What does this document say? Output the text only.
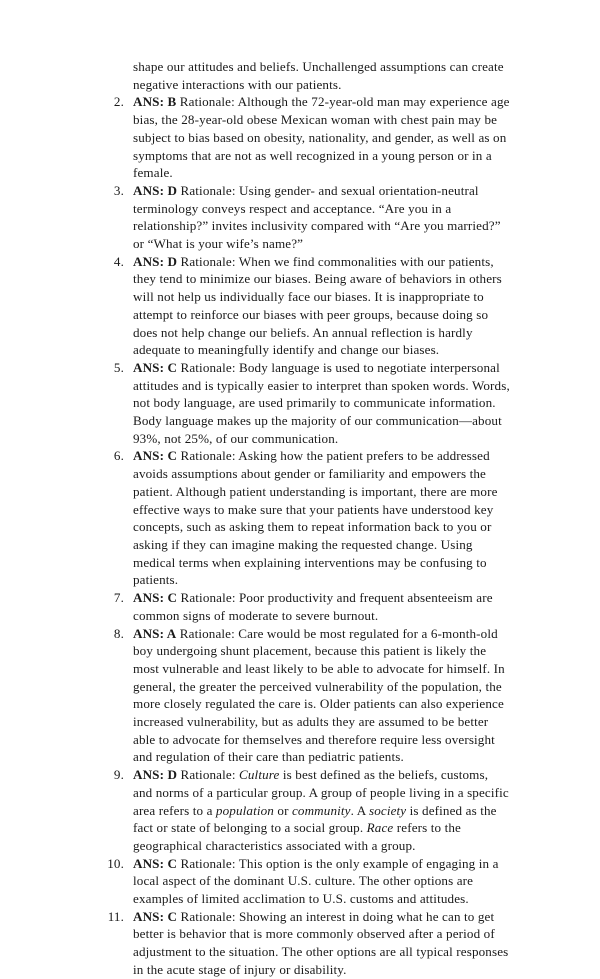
shape our attitudes and beliefs. Unchallenged assumptions can create negative interactions with our patients.

2. ANS: B Rationale: Although the 72-year-old man may experience age bias, the 28-year-old obese Mexican woman with chest pain may be subject to bias based on obesity, nationality, and gender, as well as on symptoms that are not as well recognized in a young person or in a female.
3. ANS: D Rationale: Using gender- and sexual orientation-neutral terminology conveys respect and acceptance. “Are you in a relationship?” invites inclusivity compared with “Are you married?” or “What is your wife’s name?”
4. ANS: D Rationale: When we find commonalities with our patients, they tend to minimize our biases. Being aware of behaviors in others will not help us individually face our biases. It is inappropriate to attempt to reinforce our biases with peer groups, because doing so does not help change our beliefs. An annual reflection is hardly adequate to meaningfully identify and change our biases.
5. ANS: C Rationale: Body language is used to negotiate interpersonal attitudes and is typically easier to interpret than spoken words. Words, not body language, are used primarily to communicate information. Body language makes up the majority of our communication—about 93%, not 25%, of our communication.
6. ANS: C Rationale: Asking how the patient prefers to be addressed avoids assumptions about gender or familiarity and empowers the patient. Although patient understanding is important, there are more effective ways to make sure that your patients have understood key concepts, such as asking them to repeat information back to you or asking if they can imagine making the requested change. Using medical terms when explaining interventions may be confusing to patients.
7. ANS: C Rationale: Poor productivity and frequent absenteeism are common signs of moderate to severe burnout.
8. ANS: A Rationale: Care would be most regulated for a 6-month-old boy undergoing shunt placement, because this patient is likely the most vulnerable and least likely to be able to advocate for himself. In general, the greater the perceived vulnerability of the population, the more closely regulated the care is. Older patients can also experience increased vulnerability, but as adults they are assumed to be better able to advocate for themselves and therefore require less oversight and regulation of their care than pediatric patients.
9. ANS: D Rationale: Culture is best defined as the beliefs, customs, and norms of a particular group. A group of people living in a specific area refers to a population or community. A society is defined as the fact or state of belonging to a social group. Race refers to the geographical characteristics associated with a group.
10. ANS: C Rationale: This option is the only example of engaging in a local aspect of the dominant U.S. culture. The other options are examples of limited acclimation to U.S. customs and attitudes.
11. ANS: C Rationale: Showing an interest in doing what he can to get better is behavior that is more commonly observed after a period of adjustment to the situation. The other options are all typical responses in the acute stage of injury or disability.
